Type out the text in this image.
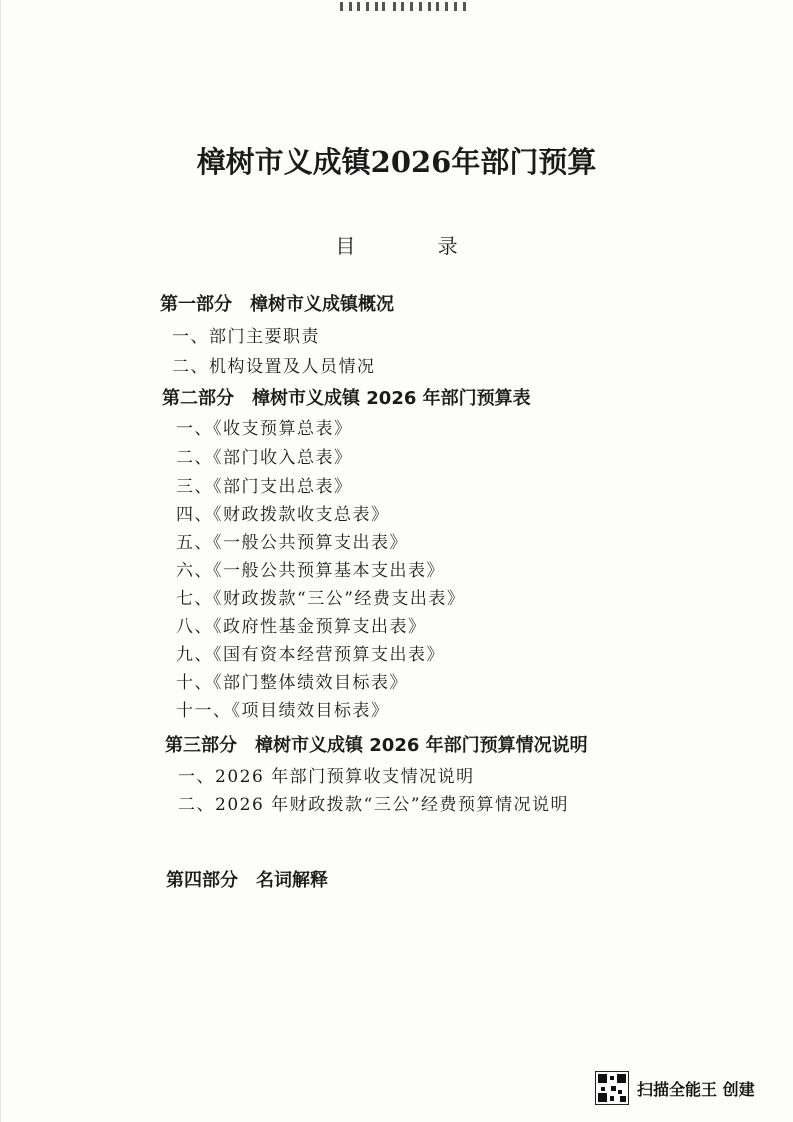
樟树市义成镇2026年部门预算
目 录
第一部分 樟树市义成镇概况
一、部门主要职责
二、机构设置及人员情况
第二部分 樟树市义成镇 2026 年部门预算表
一、《收支预算总表》
二、《部门收入总表》
三、《部门支出总表》
四、《财政拨款收支总表》
五、《一般公共预算支出表》
六、《一般公共预算基本支出表》
七、《财政拨款“三公”经费支出表》
八、《政府性基金预算支出表》
九、《国有资本经营预算支出表》
十、《部门整体绩效目标表》
十一、《项目绩效目标表》
第三部分 樟树市义成镇 2026 年部门预算情况说明
一、2026 年部门预算收支情况说明
二、2026 年财政拨款“三公”经费预算情况说明
第四部分 名词解释
扫描全能王 创建
